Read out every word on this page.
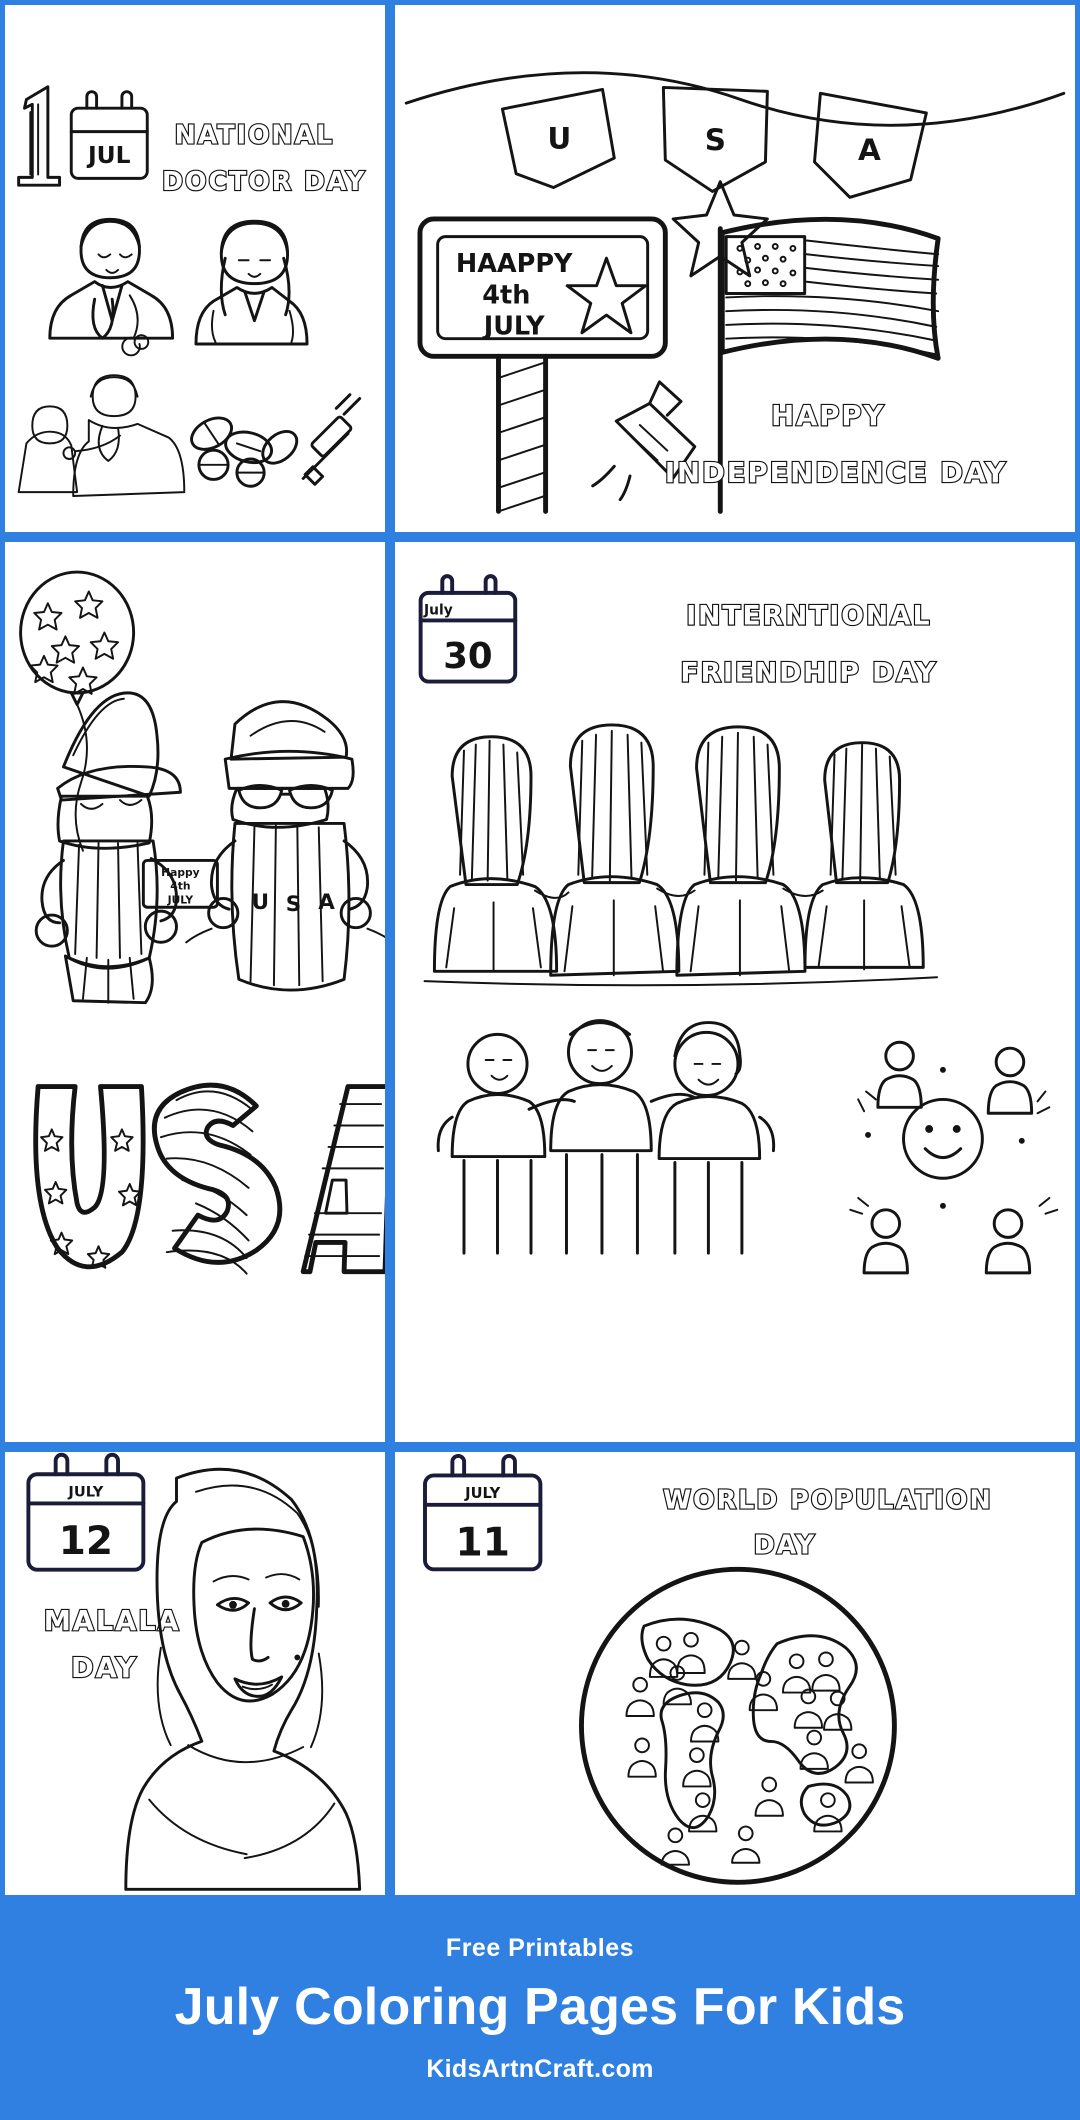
JUL
NATIONAL
DOCTOR DAY
U	S	A
HAAPPY
4th
JULY
HAPPY
INDEPENDENCE DAY
Happy
4th
JULY	U S A
July
30
INTERNTIONAL
FRIENDHIP DAY
JULY
12
MALALA
DAY
JULY
11
WORLD POPULATION
DAY
Free Printables
July Coloring Pages For Kids
KidsArtnCraft.com
